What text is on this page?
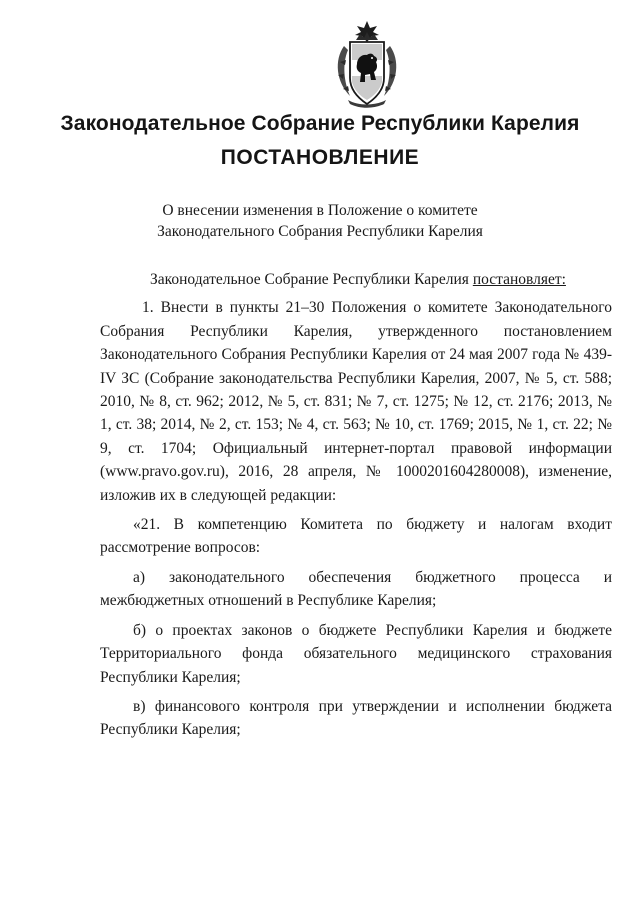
Законодательное Собрание Республики Карелия
ПОСТАНОВЛЕНИЕ
О внесении изменения в Положение о комитете
Законодательного Собрания Республики Карелия

Законодательное Собрание Республики Карелия постановляет:

1. Внести в пункты 21–30 Положения о комитете Законодательного Собрания Республики Карелия, утвержденного постановлением Законодательного Собрания Республики Карелия от 24 мая 2007 года № 439-IV ЗС (Собрание законодательства Республики Карелия, 2007, № 5, ст. 588; 2010, № 8, ст. 962; 2012, № 5, ст. 831; № 7, ст. 1275; № 12, ст. 2176; 2013, № 1, ст. 38; 2014, № 2, ст. 153; № 4, ст. 563; № 10, ст. 1769; 2015, № 1, ст. 22; № 9, ст. 1704; Официальный интернет-портал правовой информации (www.pravo.gov.ru), 2016, 28 апреля, № 1000201604280008), изменение, изложив их в следующей редакции:

«21. В компетенцию Комитета по бюджету и налогам входит рассмотрение вопросов:

а) законодательного обеспечения бюджетного процесса и межбюджетных отношений в Республике Карелия;

б) о проектах законов о бюджете Республики Карелия и бюджете Территориального фонда обязательного медицинского страхования Республики Карелия;

в) финансового контроля при утверждении и исполнении бюджета Республики Карелия;
